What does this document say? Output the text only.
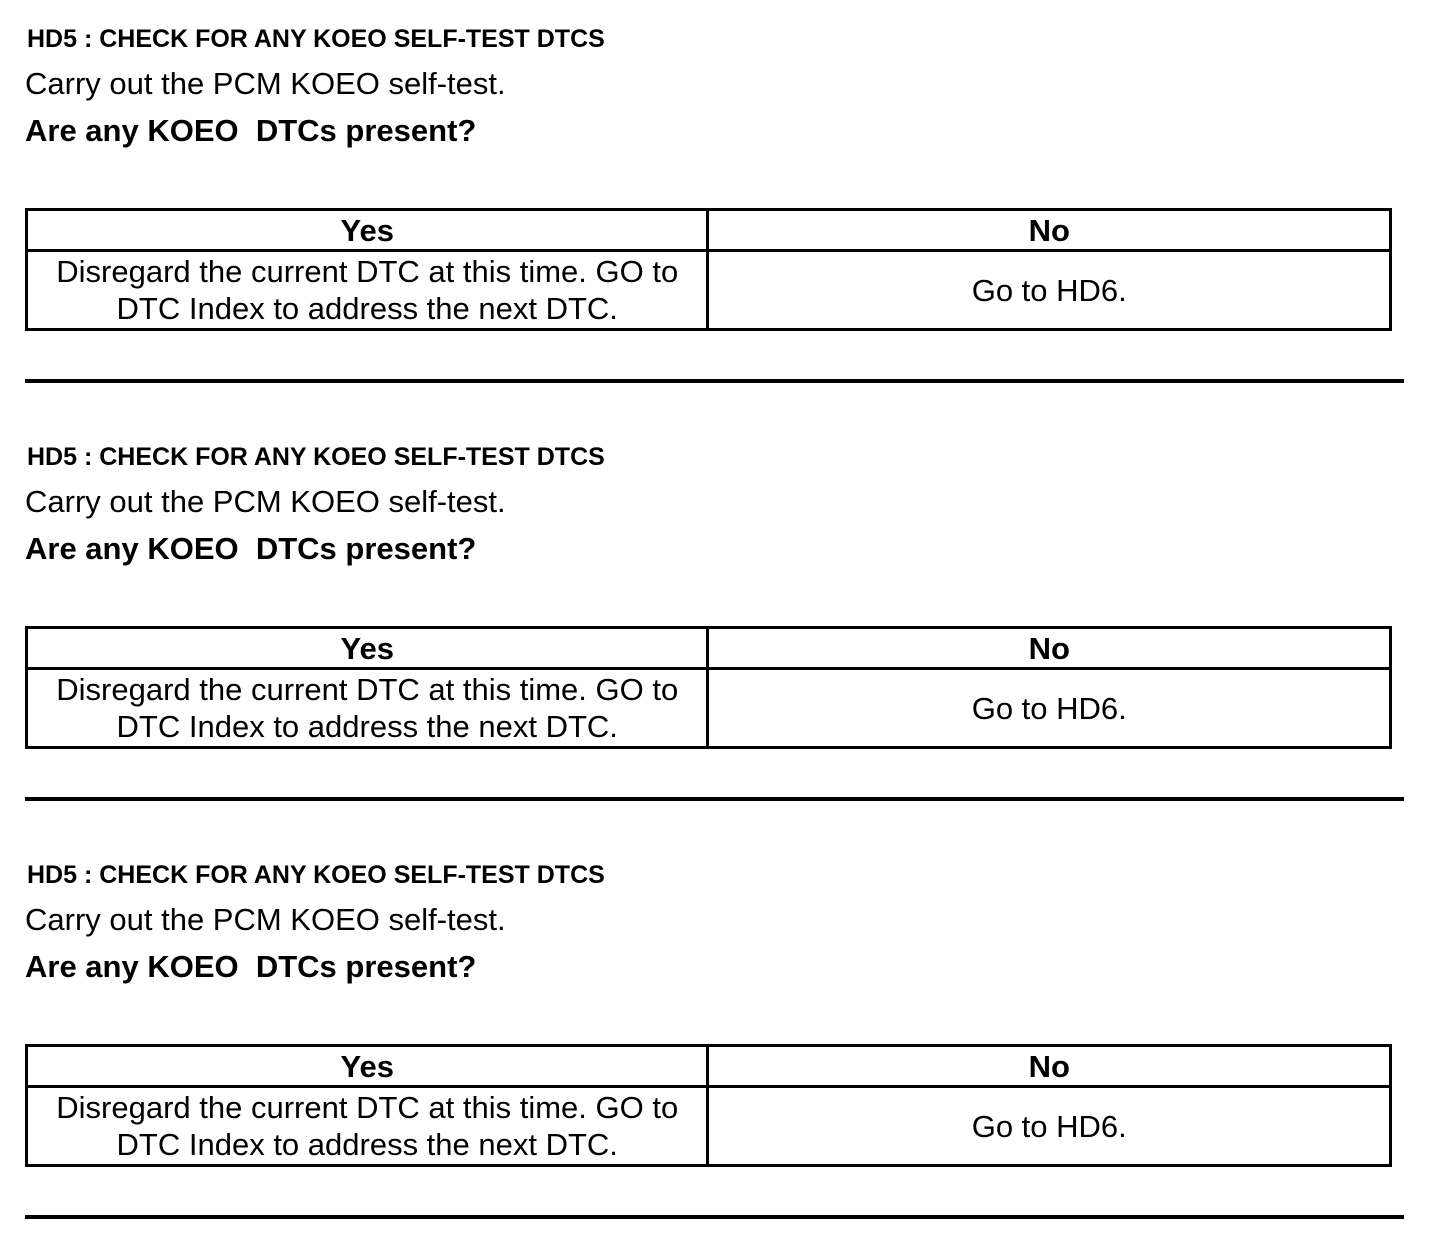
HD5 : CHECK FOR ANY KOEO SELF-TEST DTCS
Carry out the PCM KOEO self-test.
Are any KOEO  DTCs present?
Yes	No
Disregard the current DTC at this time. GO to DTC Index to address the next DTC.	Go to HD6.
HD5 : CHECK FOR ANY KOEO SELF-TEST DTCS
Carry out the PCM KOEO self-test.
Are any KOEO  DTCs present?
Yes	No
Disregard the current DTC at this time. GO to DTC Index to address the next DTC.	Go to HD6.
HD5 : CHECK FOR ANY KOEO SELF-TEST DTCS
Carry out the PCM KOEO self-test.
Are any KOEO  DTCs present?
Yes	No
Disregard the current DTC at this time. GO to DTC Index to address the next DTC.	Go to HD6.
